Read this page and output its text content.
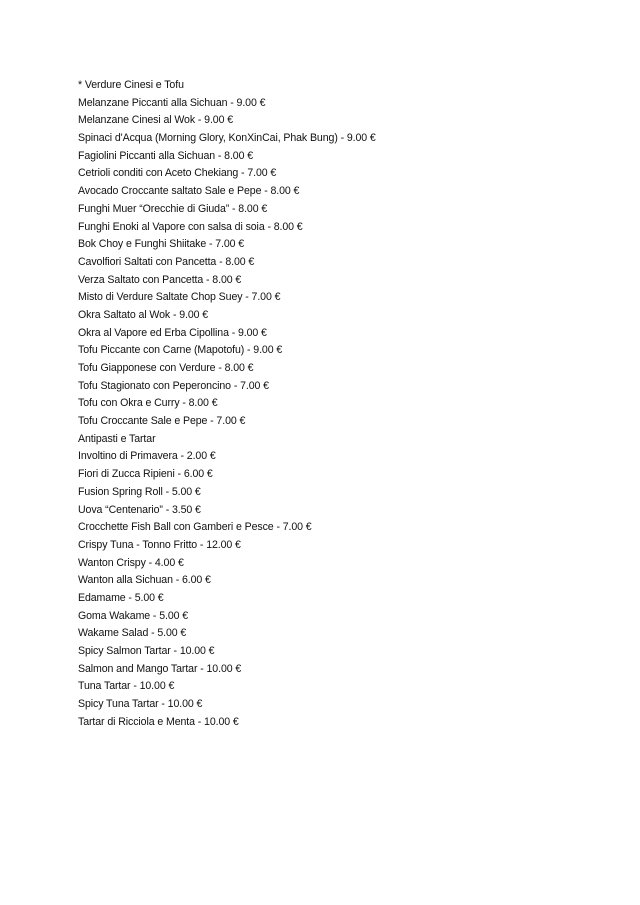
* Verdure Cinesi e Tofu
Melanzane Piccanti alla Sichuan - 9.00 €
Melanzane Cinesi al Wok - 9.00 €
Spinaci d'Acqua (Morning Glory, KonXinCai, Phak Bung) - 9.00 €
Fagiolini Piccanti alla Sichuan - 8.00 €
Cetrioli conditi con Aceto Chekiang - 7.00 €
Avocado Croccante saltato Sale e Pepe - 8.00 €
Funghi Muer “Orecchie di Giuda” - 8.00 €
Funghi Enoki al Vapore con salsa di soia - 8.00 €
Bok Choy e Funghi Shiitake - 7.00 €
Cavolfiori Saltati con Pancetta - 8.00 €
Verza Saltato con Pancetta - 8.00 €
Misto di Verdure Saltate Chop Suey - 7.00 €
Okra Saltato al Wok - 9.00 €
Okra al Vapore ed Erba Cipollina - 9.00 €
Tofu Piccante con Carne (Mapotofu) - 9.00 €
Tofu Giapponese con Verdure - 8.00 €
Tofu Stagionato con Peperoncino - 7.00 €
Tofu con Okra e Curry - 8.00 €
Tofu Croccante Sale e Pepe - 7.00 €
Antipasti e Tartar
Involtino di Primavera - 2.00 €
Fiori di Zucca Ripieni - 6.00 €
Fusion Spring Roll - 5.00 €
Uova “Centenario” - 3.50 €
Crocchette Fish Ball con Gamberi e Pesce - 7.00 €
Crispy Tuna - Tonno Fritto - 12.00 €
Wanton Crispy - 4.00 €
Wanton alla Sichuan - 6.00 €
Edamame - 5.00 €
Goma Wakame - 5.00 €
Wakame Salad - 5.00 €
Spicy Salmon Tartar - 10.00 €
Salmon and Mango Tartar - 10.00 €
Tuna Tartar - 10.00 €
Spicy Tuna Tartar - 10.00 €
Tartar di Ricciola e Menta - 10.00 €
